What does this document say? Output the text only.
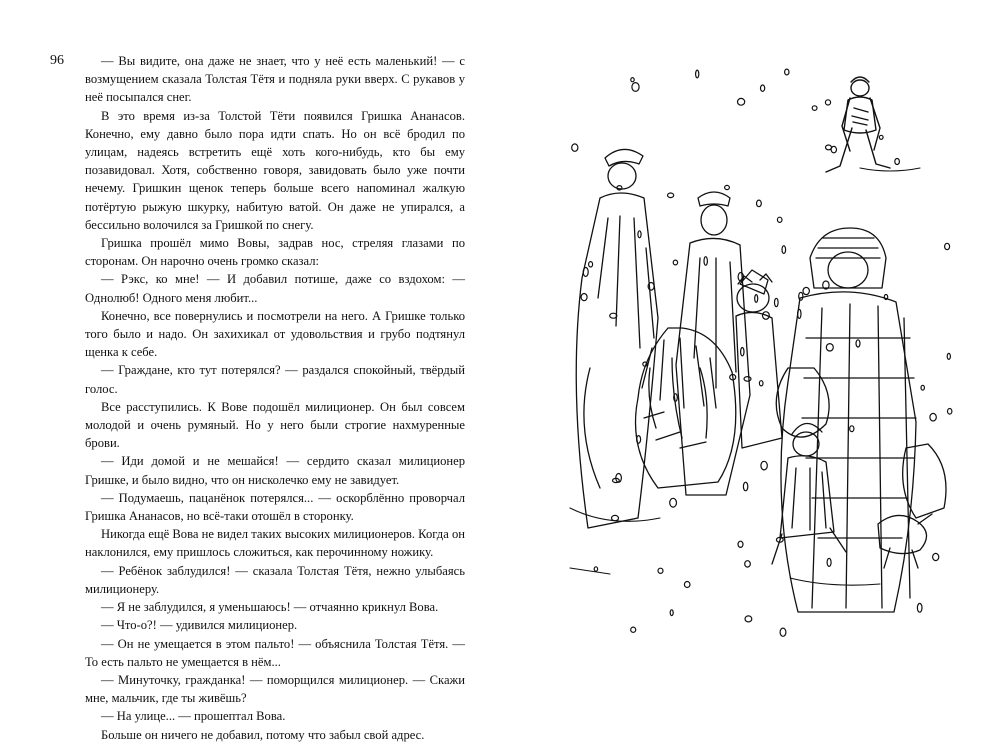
96	— Вы видите, она даже не знает, что у неё есть маленький! — с возмущением сказала Толстая Тётя и подняла руки вверх. С рукавов у неё посыпался снег.

В это время из-за Толстой Тёти появился Гришка Ананасов. Конечно, ему давно было пора идти спать. Но он всё бродил по улицам, надеясь встретить ещё хоть кого-нибудь, кто бы ему позавидовал. Хотя, собственно говоря, завидовать было уже почти нечему. Гришкин щенок теперь больше всего напоминал жалкую потёртую рыжую шкурку, набитую ватой. Он даже не упирался, а бессильно волочился за Гришкой по снегу.

Гришка прошёл мимо Вовы, задрав нос, стреляя глазами по сторонам. Он нарочно очень громко сказал:

— Рэкс, ко мне! — И добавил потише, даже со вздохом: — Однолюб! Одного меня любит...

Конечно, все повернулись и посмотрели на него. А Гришке только того было и надо. Он захихикал от удовольствия и грубо подтянул щенка к себе.

— Граждане, кто тут потерялся? — раздался спокойный, твёрдый голос.

Все расступились. К Вове подошёл милиционер. Он был совсем молодой и очень румяный. Но у него были строгие нахмуренные брови.

— Иди домой и не мешайся! — сердито сказал милиционер Гришке, и было видно, что он нисколечко ему не завидует.

— Подумаешь, пацанёнок потерялся... — оскорблённо проворчал Гришка Ананасов, но всё-таки отошёл в сторонку.

Никогда ещё Вова не видел таких высоких милиционеров. Когда он наклонился, ему пришлось сложиться, как перочинному ножику.

— Ребёнок заблудился! — сказала Толстая Тётя, нежно улыбаясь милиционеру.

— Я не заблудился, я уменьшаюсь! — отчаянно крикнул Вова.

— Что-о?! — удивился милиционер.

— Он не умещается в этом пальто! — объяснила Толстая Тётя. — То есть пальто не умещается в нём...

— Минуточку, гражданка! — поморщился милиционер. — Скажи мне, мальчик, где ты живёшь?

— На улице... — прошептал Вова.

Больше он ничего не добавил, потому что забыл свой адрес.
